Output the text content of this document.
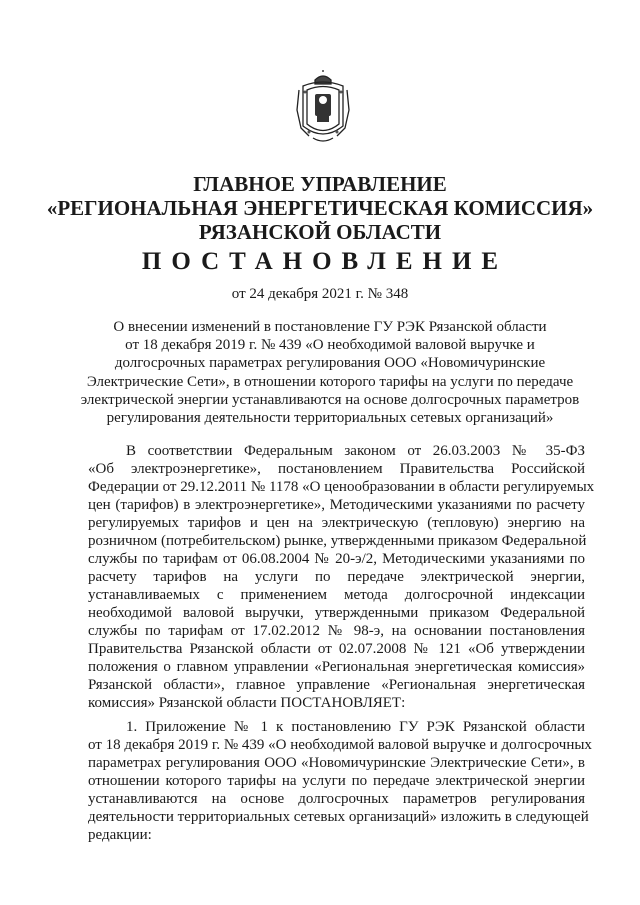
ГЛАВНОЕ УПРАВЛЕНИЕ
«РЕГИОНАЛЬНАЯ ЭНЕРГЕТИЧЕСКАЯ КОМИССИЯ»
РЯЗАНСКОЙ ОБЛАСТИ
ПОСТАНОВЛЕНИЕ
от 24 декабря 2021 г. № 348
О внесении изменений в постановление ГУ РЭК Рязанской области
от 18 декабря 2019 г. № 439 «О необходимой валовой выручке и
долгосрочных параметрах регулирования ООО «Новомичуринские
Электрические Сети», в отношении которого тарифы на услуги по передаче
электрической энергии устанавливаются на основе долгосрочных параметров
регулирования деятельности территориальных сетевых организаций»
В соответствии Федеральным законом от 26.03.2003 № 35-ФЗ
«Об электроэнергетике», постановлением Правительства Российской
Федерации от 29.12.2011 № 1178 «О ценообразовании в области регулируемых
цен (тарифов) в электроэнергетике», Методическими указаниями по расчету
регулируемых тарифов и цен на электрическую (тепловую) энергию на
розничном (потребительском) рынке, утвержденными приказом Федеральной
службы по тарифам от 06.08.2004 № 20-э/2, Методическими указаниями по
расчету тарифов на услуги по передаче электрической энергии,
устанавливаемых с применением метода долгосрочной индексации
необходимой валовой выручки, утвержденными приказом Федеральной
службы по тарифам от 17.02.2012 № 98-э, на основании постановления
Правительства Рязанской области от 02.07.2008 № 121 «Об утверждении
положения о главном управлении «Региональная энергетическая комиссия»
Рязанской области», главное управление «Региональная энергетическая
комиссия» Рязанской области ПОСТАНОВЛЯЕТ:
1. Приложение № 1 к постановлению ГУ РЭК Рязанской области
от 18 декабря 2019 г. № 439 «О необходимой валовой выручке и долгосрочных
параметрах регулирования ООО «Новомичуринские Электрические Сети», в
отношении которого тарифы на услуги по передаче электрической энергии
устанавливаются на основе долгосрочных параметров регулирования
деятельности территориальных сетевых организаций» изложить в следующей
редакции:
